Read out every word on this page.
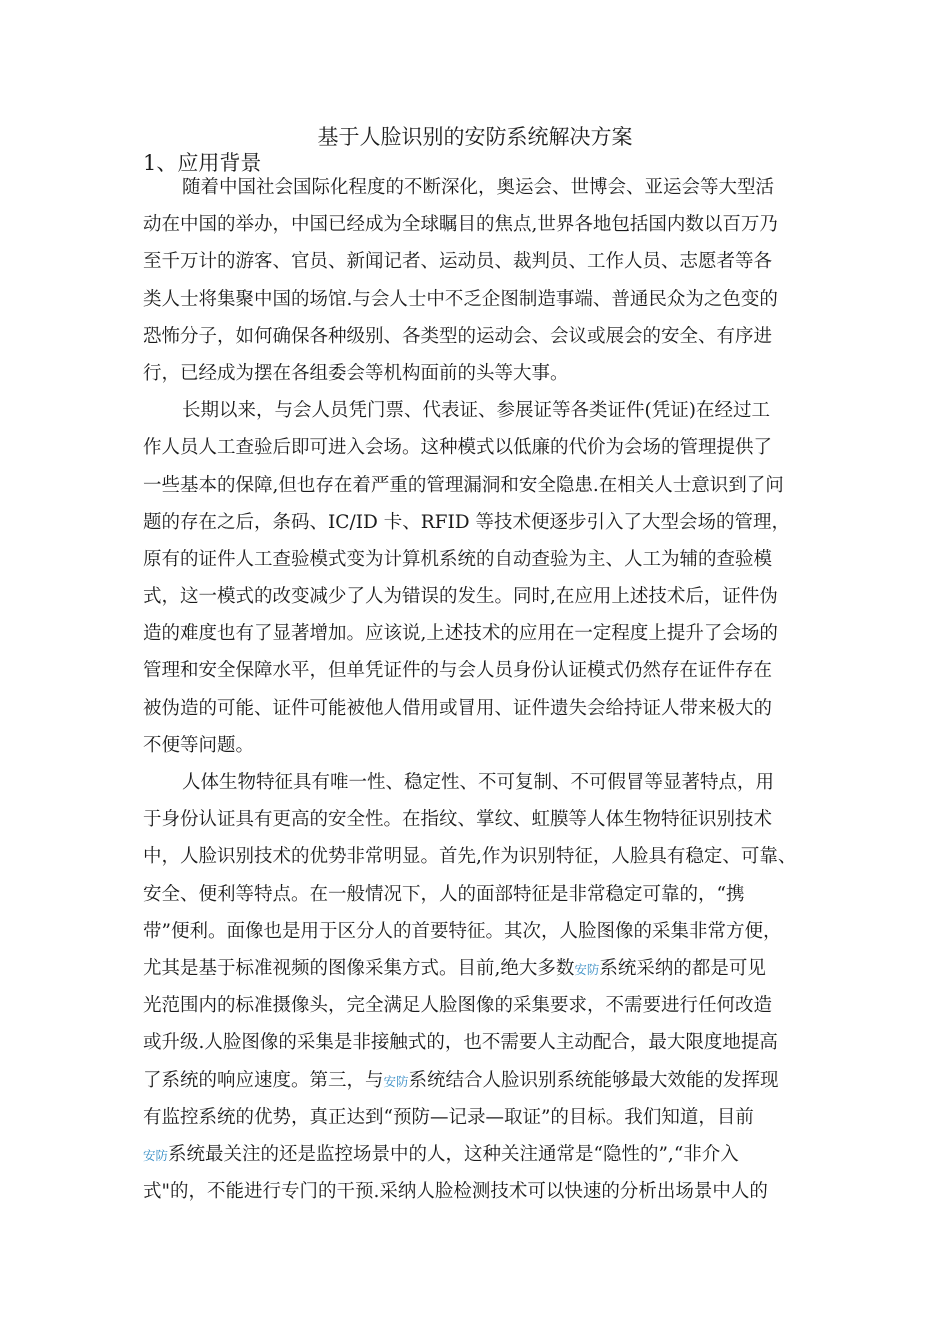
基于人脸识别的安防系统解决方案
1、应用背景
随着中国社会国际化程度的不断深化，奥运会、世博会、亚运会等大型活
动在中国的举办，中国已经成为全球瞩目的焦点,世界各地包括国内数以百万乃
至千万计的游客、官员、新闻记者、运动员、裁判员、工作人员、志愿者等各
类人士将集聚中国的场馆.与会人士中不乏企图制造事端、普通民众为之色变的
恐怖分子，如何确保各种级别、各类型的运动会、会议或展会的安全、有序进
行，已经成为摆在各组委会等机构面前的头等大事。
长期以来，与会人员凭门票、代表证、参展证等各类证件(凭证)在经过工
作人员人工查验后即可进入会场。这种模式以低廉的代价为会场的管理提供了
一些基本的保障,但也存在着严重的管理漏洞和安全隐患.在相关人士意识到了问
题的存在之后，条码、IC/ID 卡、RFID 等技术便逐步引入了大型会场的管理，
原有的证件人工查验模式变为计算机系统的自动查验为主、人工为辅的查验模
式，这一模式的改变减少了人为错误的发生。同时,在应用上述技术后，证件伪
造的难度也有了显著增加。应该说,上述技术的应用在一定程度上提升了会场的
管理和安全保障水平，但单凭证件的与会人员身份认证模式仍然存在证件存在
被伪造的可能、证件可能被他人借用或冒用、证件遗失会给持证人带来极大的
不便等问题。
人体生物特征具有唯一性、稳定性、不可复制、不可假冒等显著特点，用
于身份认证具有更高的安全性。在指纹、掌纹、虹膜等人体生物特征识别技术
中，人脸识别技术的优势非常明显。首先,作为识别特征，人脸具有稳定、可靠、
安全、便利等特点。在一般情况下，人的面部特征是非常稳定可靠的，“携
带”便利。面像也是用于区分人的首要特征。其次，人脸图像的采集非常方便，
尤其是基于标准视频的图像采集方式。目前,绝大多数安防系统采纳的都是可见
光范围内的标准摄像头，完全满足人脸图像的采集要求，不需要进行任何改造
或升级.人脸图像的采集是非接触式的，也不需要人主动配合，最大限度地提高
了系统的响应速度。第三，与安防系统结合人脸识别系统能够最大效能的发挥现
有监控系统的优势，真正达到“预防—记录—取证”的目标。我们知道，目前
安防系统最关注的还是监控场景中的人，这种关注通常是“隐性的”,“非介入
式"的，不能进行专门的干预.采纳人脸检测技术可以快速的分析出场景中人的
